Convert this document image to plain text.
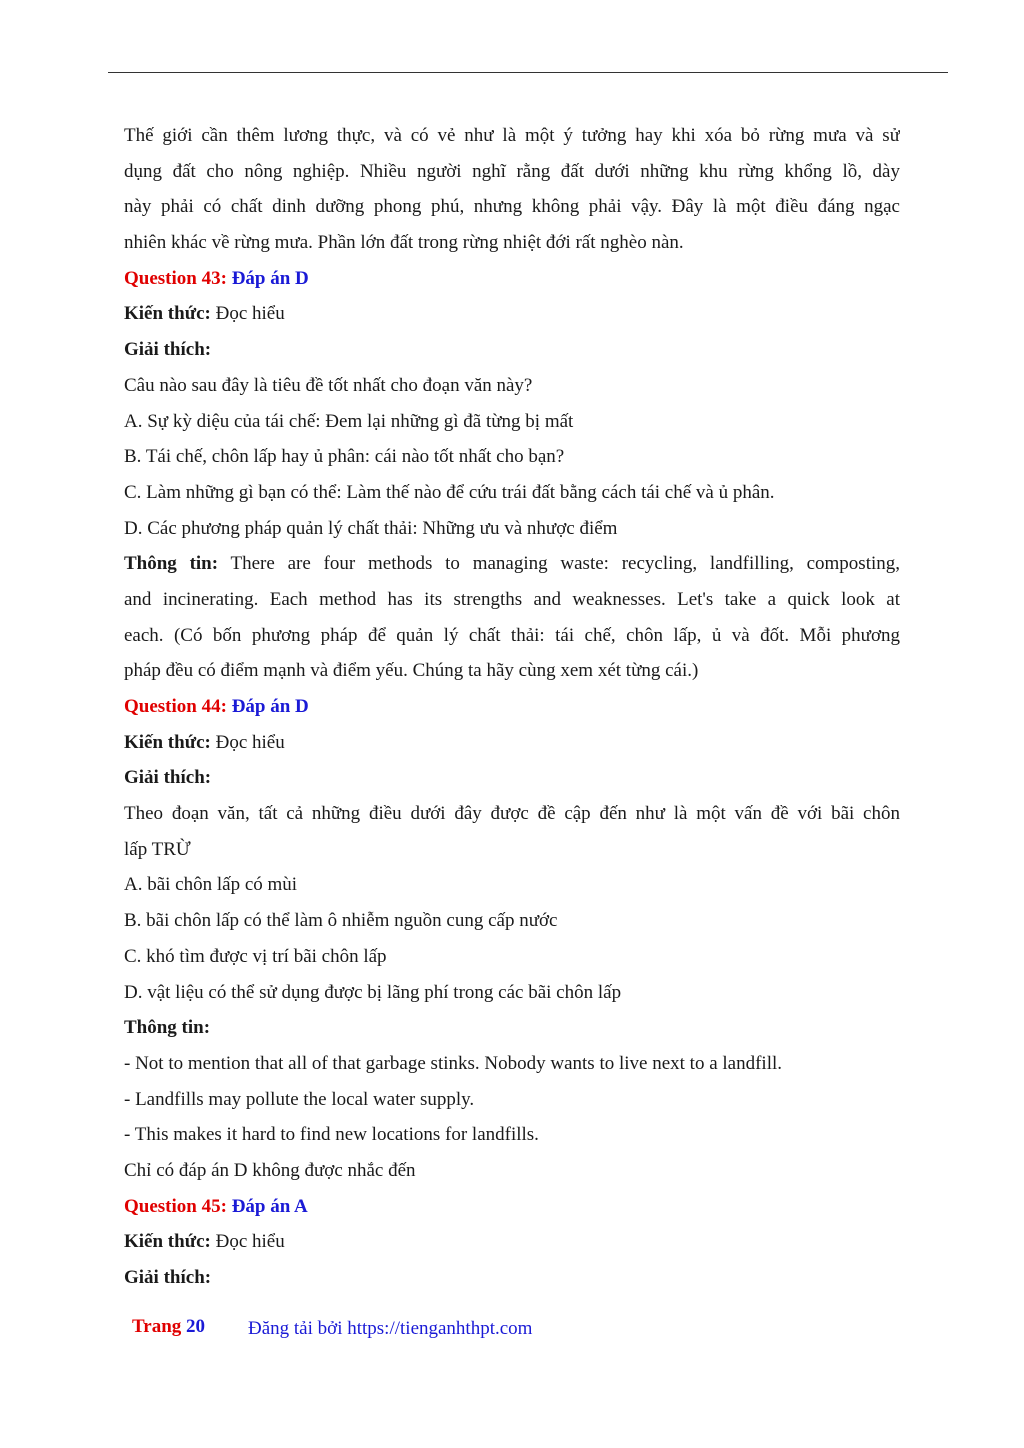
Thế giới cần thêm lương thực, và có vẻ như là một ý tưởng hay khi xóa bỏ rừng mưa và sử
dụng đất cho nông nghiệp. Nhiều người nghĩ rằng đất dưới những khu rừng khổng lồ, dày
này phải có chất dinh dưỡng phong phú, nhưng không phải vậy. Đây là một điều đáng ngạc
nhiên khác về rừng mưa. Phần lớn đất trong rừng nhiệt đới rất nghèo nàn.
Question 43: Đáp án D
Kiến thức: Đọc hiểu
Giải thích:
Câu nào sau đây là tiêu đề tốt nhất cho đoạn văn này?
A. Sự kỳ diệu của tái chế: Đem lại những gì đã từng bị mất
B. Tái chế, chôn lấp hay ủ phân: cái nào tốt nhất cho bạn?
C. Làm những gì bạn có thể: Làm thế nào để cứu trái đất bằng cách tái chế và ủ phân.
D. Các phương pháp quản lý chất thải: Những ưu và nhược điểm
Thông tin: There are four methods to managing waste: recycling, landfilling, composting,
and incinerating. Each method has its strengths and weaknesses. Let's take a quick look at
each. (Có bốn phương pháp để quản lý chất thải: tái chế, chôn lấp, ủ và đốt. Mỗi phương
pháp đều có điểm mạnh và điểm yếu. Chúng ta hãy cùng xem xét từng cái.)
Question 44: Đáp án D
Kiến thức: Đọc hiểu
Giải thích:
Theo đoạn văn, tất cả những điều dưới đây được đề cập đến như là một vấn đề với bãi chôn
lấp TRỪ
A. bãi chôn lấp có mùi
B. bãi chôn lấp có thể làm ô nhiễm nguồn cung cấp nước
C. khó tìm được vị trí bãi chôn lấp
D. vật liệu có thể sử dụng được bị lãng phí trong các bãi chôn lấp
Thông tin:
- Not to mention that all of that garbage stinks. Nobody wants to live next to a landfill.
- Landfills may pollute the local water supply.
- This makes it hard to find new locations for landfills.
Chỉ có đáp án D không được nhắc đến
Question 45: Đáp án A
Kiến thức: Đọc hiểu
Giải thích:
Trang 20 Đăng tải bởi https://tienganhthpt.com
